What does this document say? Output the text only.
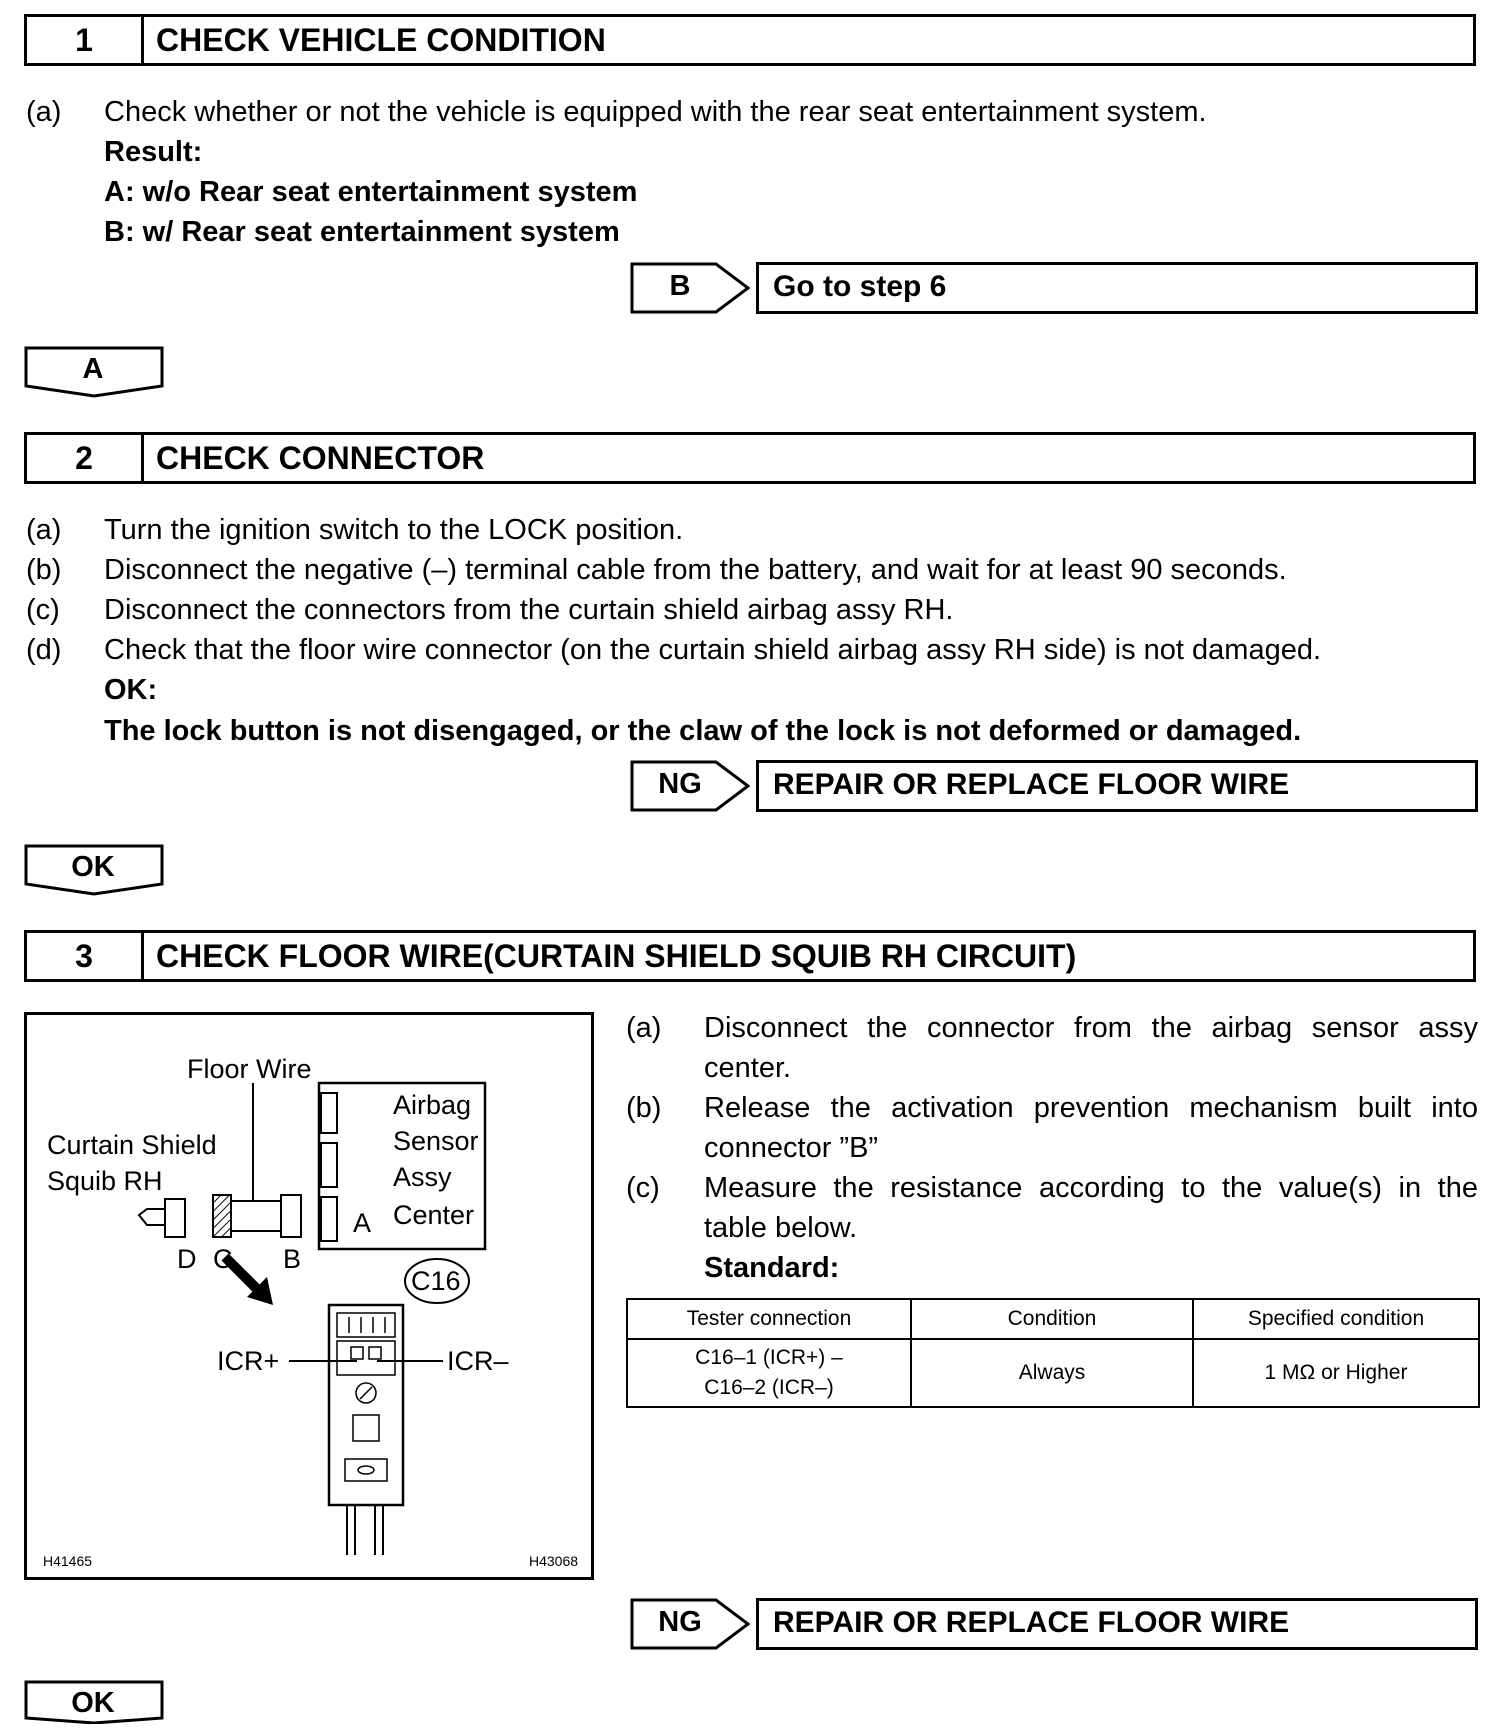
1	CHECK VEHICLE CONDITION
(a) Check whether or not the vehicle is equipped with the rear seat entertainment system.
Result:
A: w/o Rear seat entertainment system
B: w/ Rear seat entertainment system
B	Go to step 6
A
2	CHECK CONNECTOR
(a) Turn the ignition switch to the LOCK position.
(b) Disconnect the negative (–) terminal cable from the battery, and wait for at least 90 seconds.
(c) Disconnect the connectors from the curtain shield airbag assy RH.
(d) Check that the floor wire connector (on the curtain shield airbag assy RH side) is not damaged.
OK:
The lock button is not disengaged, or the claw of the lock is not deformed or damaged.
NG	REPAIR OR REPLACE FLOOR WIRE
OK
3	CHECK FLOOR WIRE(CURTAIN SHIELD SQUIB RH CIRCUIT)
Floor Wire
Curtain Shield
Squib RH
Airbag
Sensor
Assy
Center
A
B
C
D
C16
ICR+	ICR–
H41465	H43068
(a) Disconnect the connector from the airbag sensor assy
center.
(b) Release the activation prevention mechanism built into
connector ”B”
(c) Measure the resistance according to the value(s) in the
table below.
Standard:
Tester connection	Condition	Specified condition

C16–1 (ICR+) –
C16–2 (ICR–)	Always	1 MΩ or Higher
NG	REPAIR OR REPLACE FLOOR WIRE
OK
